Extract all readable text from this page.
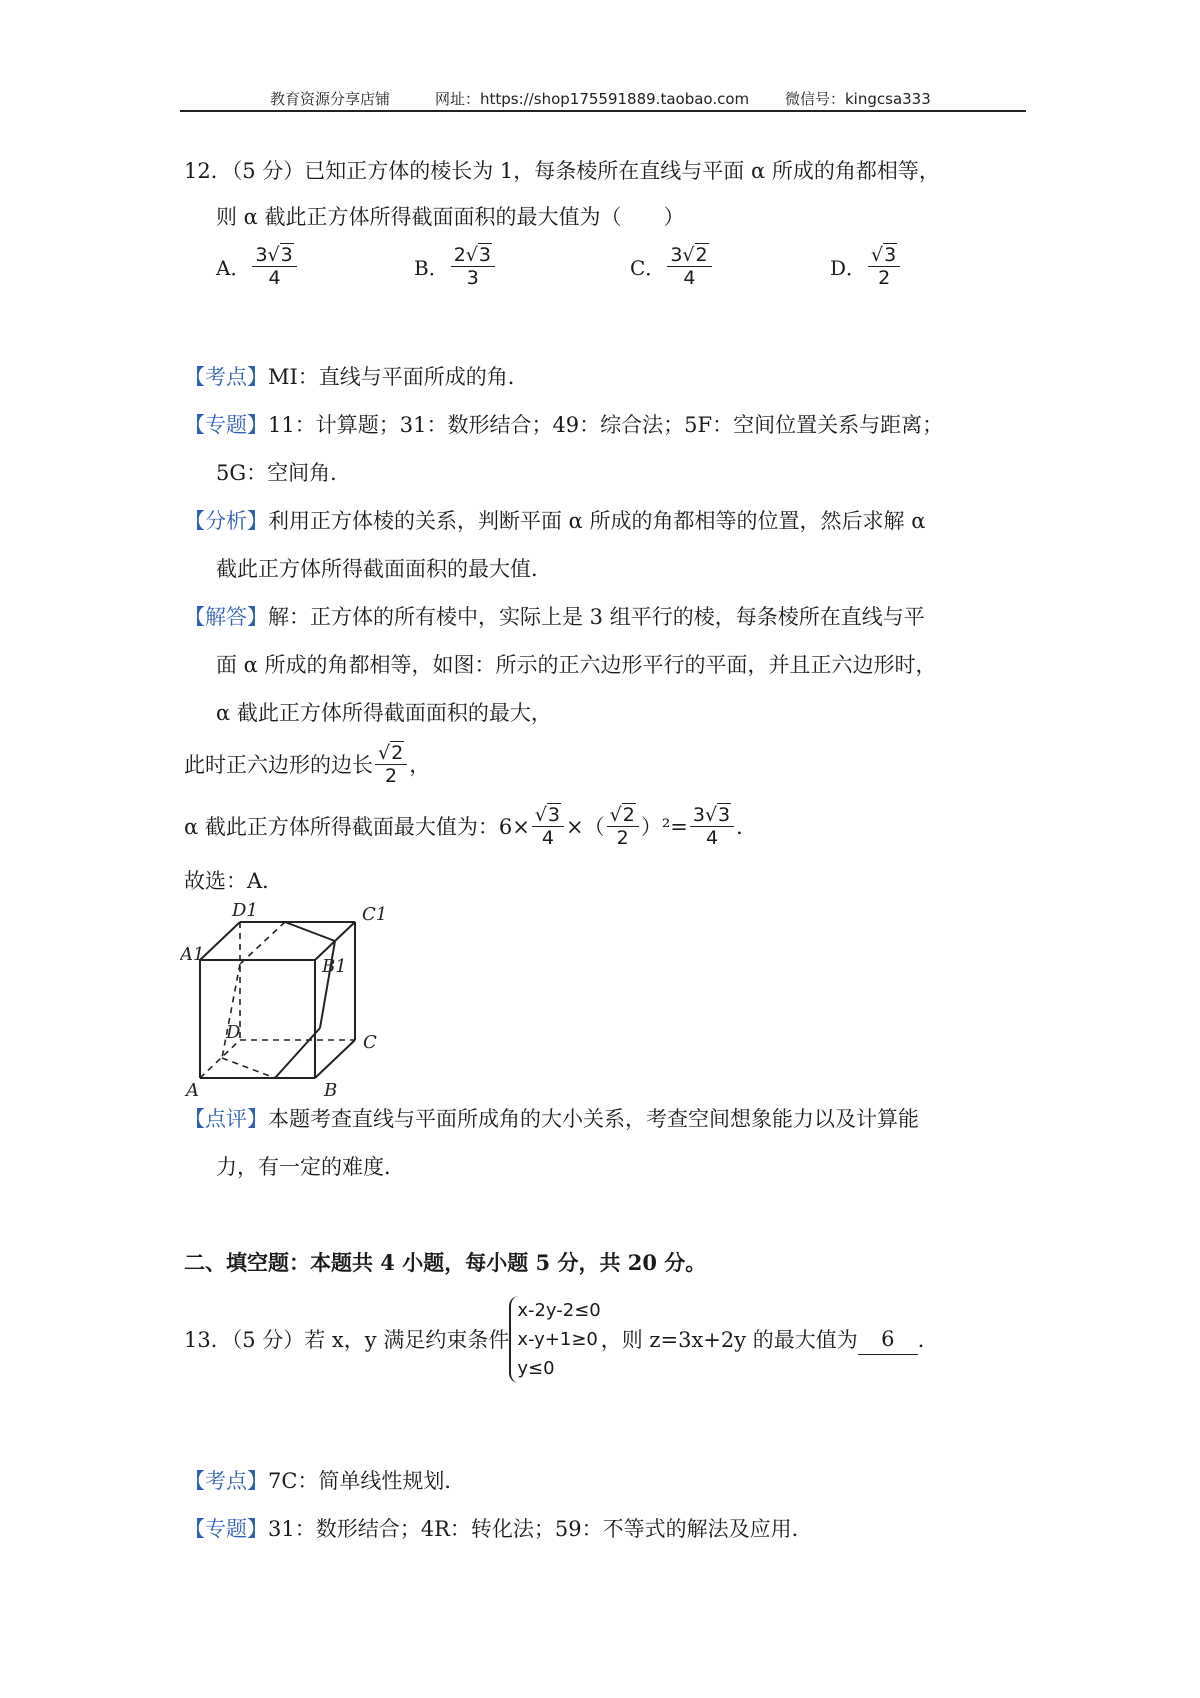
教育资源分享店铺	网址：https://shop175591889.taobao.com 微信号：kingcsa333
12．（5 分）已知正方体的棱长为 1，每条棱所在直线与平面 α 所成的角都相等，
则 α 截此正方体所得截面面积的最大值为（　　）
A． $\frac{3√3}{4}$	B． $\frac{2√3}{3}$	C． $\frac{3√2}{4}$	D． $\frac{√3}{2}$
【考点】MI：直线与平面所成的角．
【专题】11：计算题；31：数形结合；49：综合法；5F：空间位置关系与距离；
5G：空间角．
【分析】利用正方体棱的关系，判断平面 α 所成的角都相等的位置，然后求解 α
截此正方体所得截面面积的最大值．
【解答】解：正方体的所有棱中，实际上是 3 组平行的棱，每条棱所在直线与平
面 α 所成的角都相等，如图：所示的正六边形平行的平面，并且正六边形时，
α 截此正方体所得截面面积的最大，
此时正六边形的边长 $\frac{√2}{2}$ ，
α 截此正方体所得截面最大值为：$6\times \frac{√3}{4}$ ×（ $\frac{√2}{2} )^2= \frac{3√3}{4}$ ．
故选：A．
D1	C1
A1
B1
D	C
A	B
【点评】本题考查直线与平面所成角的大小关系，考查空间想象能力以及计算能
力，有一定的难度．
二、填空题：本题共 4 小题，每小题 5 分，共 20 分。
13．（5 分）若 x，y 满足约束条件
x-2y-2≤0
x-y+1≥0
y≤0
，则 z=3x+2y 的最大值为	6	．
【考点】7C：简单线性规划．
【专题】31：数形结合；4R：转化法；59：不等式的解法及应用．
